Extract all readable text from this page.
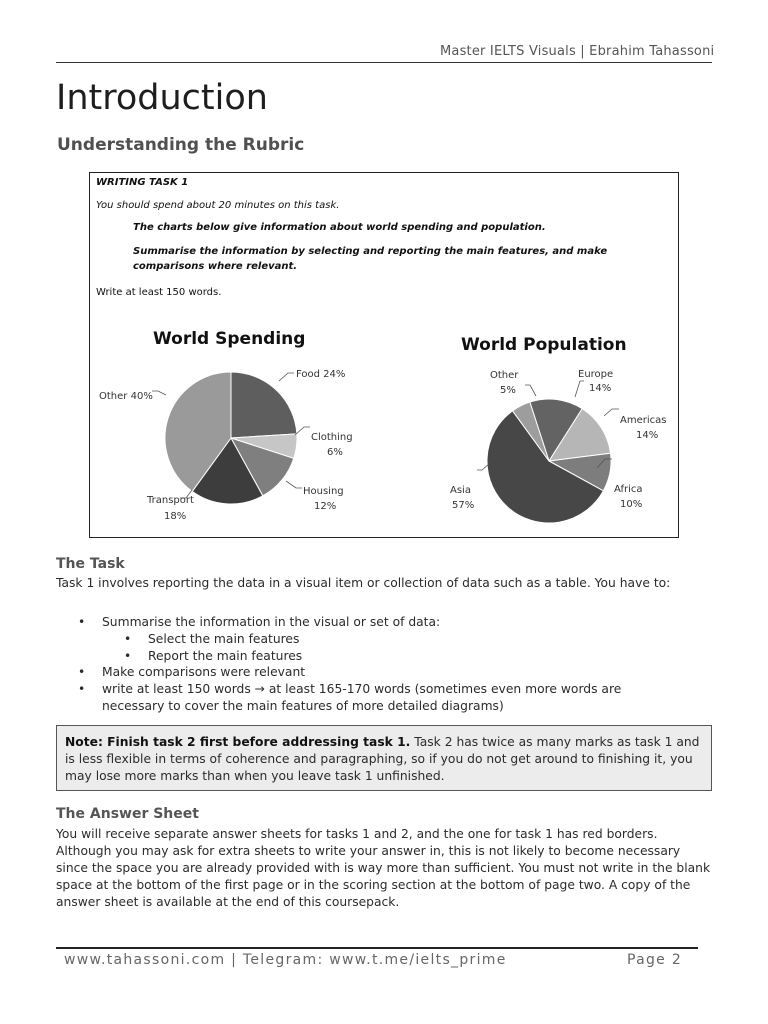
Master IELTS Visuals | Ebrahim Tahassoni
Introduction
Understanding the Rubric

WRITING TASK 1

You should spend about 20 minutes on this task.

The charts below give information about world spending and population.

Summarise the information by selecting and reporting the main features, and make comparisons where relevant.

Write at least 150 words.

World Spending	World Population
Food 24%
Clothing
6%
Housing
12%
Transport
18%
Other 40%
Europe
14%
Americas
14%
Africa
10%
Asia
57%
Other
5%
The Task

Task 1 involves reporting the data in a visual item or collection of data such as a table. You have to:

• Summarise the information in the visual or set of data:
• Select the main features
• Report the main features
• Make comparisons were relevant
• write at least 150 words → at least 165-170 words (sometimes even more words are necessary to cover the main features of more detailed diagrams)
Note: Finish task 2 first before addressing task 1. Task 2 has twice as many marks as task 1 and is less flexible in terms of coherence and paragraphing, so if you do not get around to finishing it, you may lose more marks than when you leave task 1 unfinished.
The Answer Sheet

You will receive separate answer sheets for tasks 1 and 2, and the one for task 1 has red borders. Although you may ask for extra sheets to write your answer in, this is not likely to become necessary since the space you are already provided with is way more than sufficient. You must not write in the blank space at the bottom of the first page or in the scoring section at the bottom of page two. A copy of the answer sheet is available at the end of this coursepack.

www.tahassoni.com | Telegram: www.t.me/ielts_prime	Page 2
